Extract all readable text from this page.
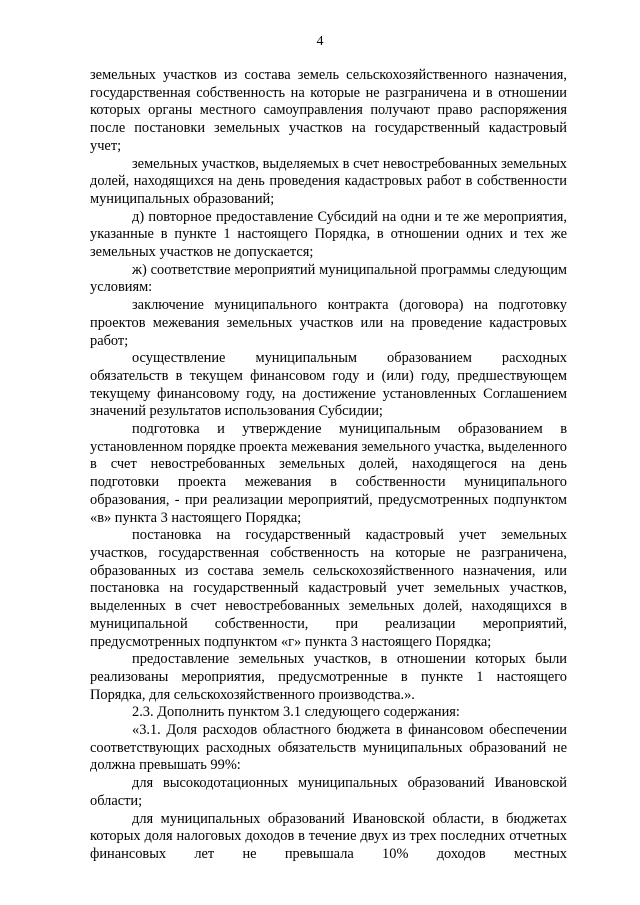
4

земельных участков из состава земель сельскохозяйственного назначения, государственная собственность на которые не разграничена и в отношении которых органы местного самоуправления получают право распоряжения после постановки земельных участков на государственный кадастровый учет;

земельных участков, выделяемых в счет невостребованных земельных долей, находящихся на день проведения кадастровых работ в собственности муниципальных образований;

д) повторное предоставление Субсидий на одни и те же мероприятия, указанные в пункте 1 настоящего Порядка, в отношении одних и тех же земельных участков не допускается;

ж) соответствие мероприятий муниципальной программы следующим условиям:

заключение муниципального контракта (договора) на подготовку проектов межевания земельных участков или на проведение кадастровых работ;

осуществление муниципальным образованием расходных обязательств в текущем финансовом году и (или) году, предшествующем текущему финансовому году, на достижение установленных Соглашением значений результатов использования Субсидии;

подготовка и утверждение муниципальным образованием в установленном порядке проекта межевания земельного участка, выделенного в счет невостребованных земельных долей, находящегося на день подготовки проекта межевания в собственности муниципального образования, - при реализации мероприятий, предусмотренных подпунктом «в» пункта 3 настоящего Порядка;

постановка на государственный кадастровый учет земельных участков, государственная собственность на которые не разграничена, образованных из состава земель сельскохозяйственного назначения, или постановка на государственный кадастровый учет земельных участков, выделенных в счет невостребованных земельных долей, находящихся в муниципальной собственности, при реализации мероприятий, предусмотренных подпунктом «г» пункта 3 настоящего Порядка;

предоставление земельных участков, в отношении которых были реализованы мероприятия, предусмотренные в пункте 1 настоящего Порядка, для сельскохозяйственного производства.».

2.3. Дополнить пунктом 3.1 следующего содержания:

«3.1. Доля расходов областного бюджета в финансовом обеспечении соответствующих расходных обязательств муниципальных образований не должна превышать 99%:

для высокодотационных муниципальных образований Ивановской области;

для муниципальных образований Ивановской области, в бюджетах которых доля налоговых доходов в течение двух из трех последних отчетных финансовых лет не превышала 10% доходов местных
